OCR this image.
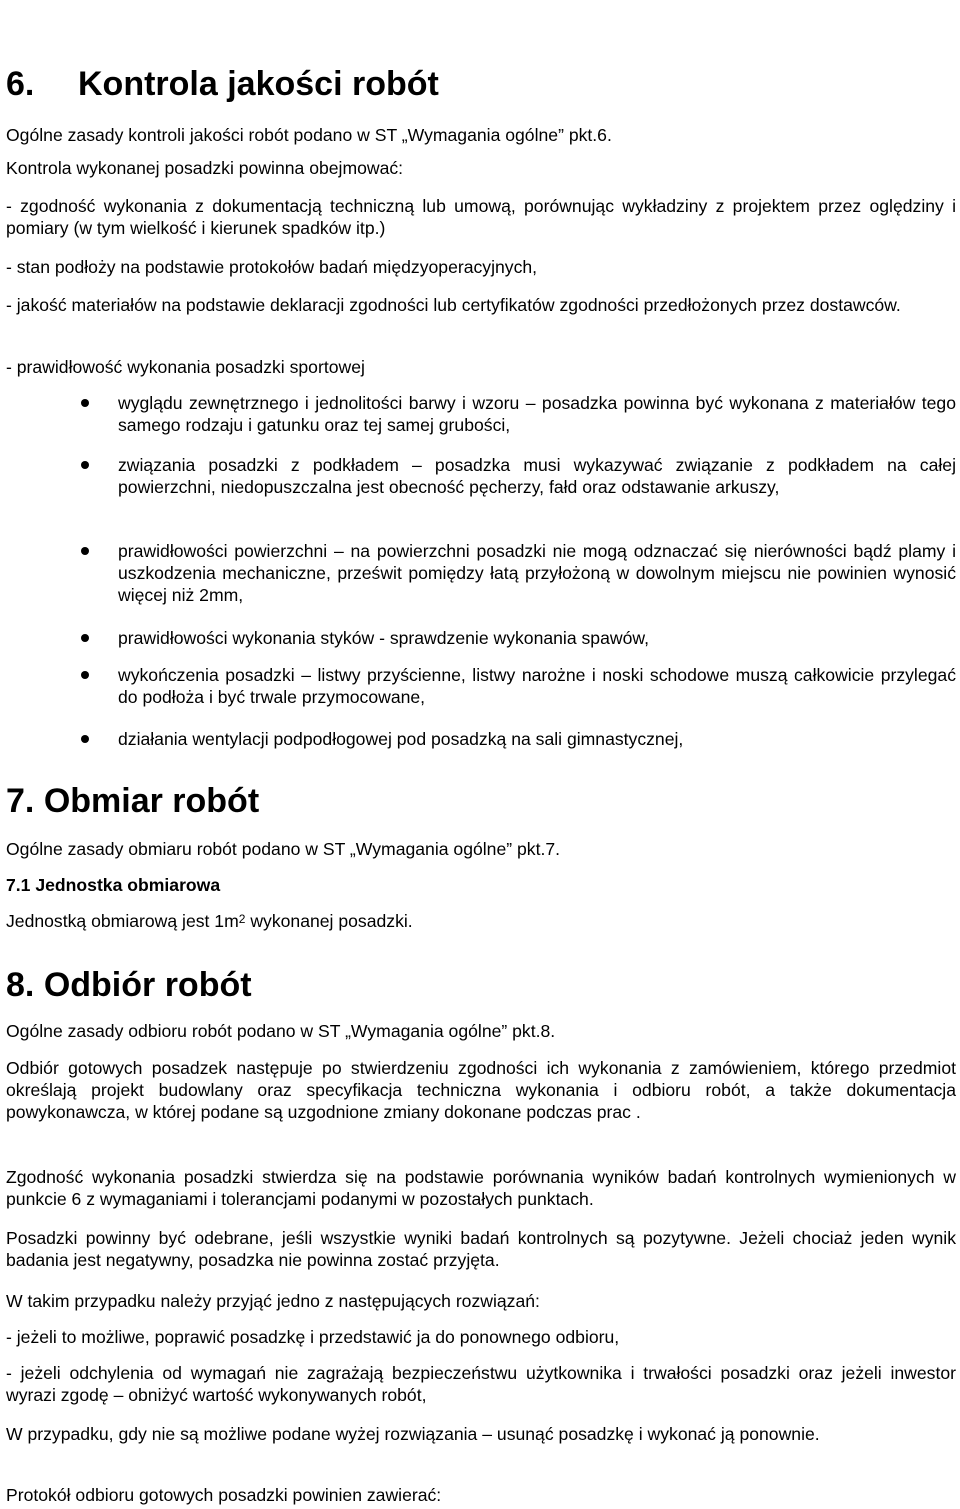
6. Kontrola jakości robót

Ogólne zasady kontroli jakości robót podano w ST „Wymagania ogólne” pkt.6.

Kontrola wykonanej posadzki powinna obejmować:

- zgodność wykonania z dokumentacją techniczną lub umową, porównując wykładziny z projektem przez oględziny i pomiary (w tym wielkość i kierunek spadków itp.)

- stan podłoży na podstawie protokołów badań międzyoperacyjnych,

- jakość materiałów na podstawie deklaracji zgodności lub certyfikatów zgodności przedłożonych przez dostawców.

- prawidłowość wykonania posadzki sportowej

wyglądu zewnętrznego i jednolitości barwy i wzoru – posadzka powinna być wykonana z materiałów tego samego rodzaju i gatunku oraz tej samej grubości,
związania posadzki z podkładem – posadzka musi wykazywać związanie z podkładem na całej powierzchni, niedopuszczalna jest obecność pęcherzy, fałd oraz odstawanie arkuszy,
prawidłowości powierzchni – na powierzchni posadzki nie mogą odznaczać się nierówności bądź plamy i uszkodzenia mechaniczne, prześwit pomiędzy łatą przyłożoną w dowolnym miejscu nie powinien wynosić więcej niż 2mm,
prawidłowości wykonania styków - sprawdzenie wykonania spawów,
wykończenia posadzki – listwy przyścienne, listwy narożne i noski schodowe muszą całkowicie przylegać do podłoża i być trwale przymocowane,
działania wentylacji podpodłogowej pod posadzką na sali gimnastycznej,
7. Obmiar robót

Ogólne zasady obmiaru robót podano w ST „Wymagania ogólne” pkt.7.

7.1 Jednostka obmiarowa

Jednostką obmiarową jest $1m^2$ wykonanej posadzki.

8. Odbiór robót

Ogólne zasady odbioru robót podano w ST „Wymagania ogólne” pkt.8.

Odbiór gotowych posadzek następuje po stwierdzeniu zgodności ich wykonania z zamówieniem, którego przedmiot określają projekt budowlany oraz specyfikacja techniczna wykonania i odbioru robót, a także dokumentacja powykonawcza, w której podane są uzgodnione zmiany dokonane podczas prac .

Zgodność wykonania posadzki stwierdza się na podstawie porównania wyników badań kontrolnych wymienionych w punkcie 6 z wymaganiami i tolerancjami podanymi w pozostałych punktach.

Posadzki powinny być odebrane, jeśli wszystkie wyniki badań kontrolnych są pozytywne. Jeżeli chociaż jeden wynik badania jest negatywny, posadzka nie powinna zostać przyjęta.

W takim przypadku należy przyjąć jedno z następujących rozwiązań:

- jeżeli to możliwe, poprawić posadzkę i przedstawić ja do ponownego odbioru,

- jeżeli odchylenia od wymagań nie zagrażają bezpieczeństwu użytkownika i trwałości posadzki oraz jeżeli inwestor wyrazi zgodę – obniżyć wartość wykonywanych robót,

W przypadku, gdy nie są możliwe podane wyżej rozwiązania – usunąć posadzkę i wykonać ją ponownie.

Protokół odbioru gotowych posadzki powinien zawierać:
